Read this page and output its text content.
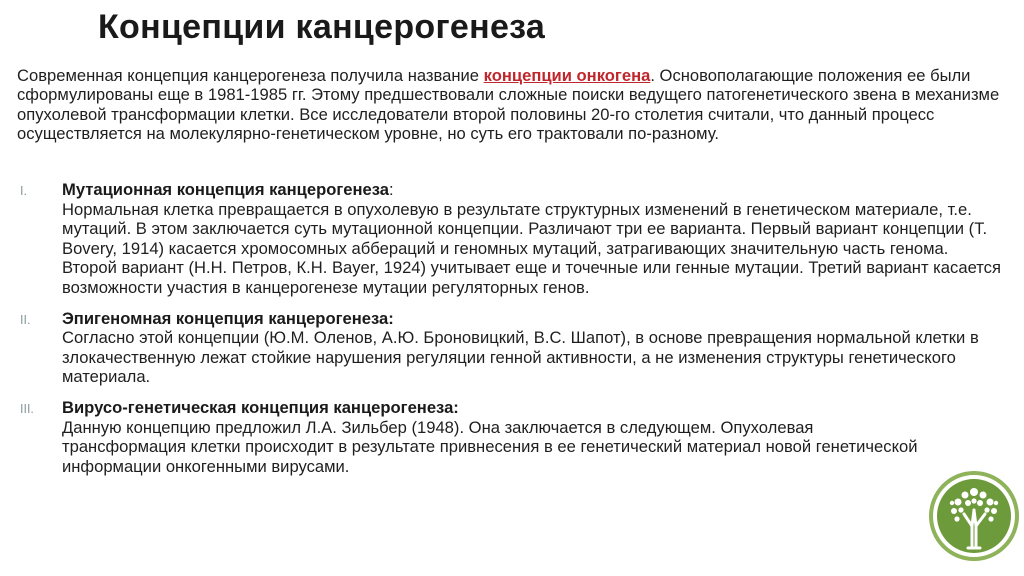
Концепции канцерогенеза
Современная концепция канцерогенеза получила название концепции онкогена. Основополагающие положения ее были сформулированы еще в 1981-1985 гг. Этому предшествовали сложные поиски ведущего патогенетического звена в механизме опухолевой трансформации клетки. Все исследователи второй половины 20-го столетия считали, что данный процесс осуществляется на молекулярно-генетическом уровне, но суть его трактовали по-разному.
I. Мутационная концепция канцерогенеза:
Нормальная клетка превращается в опухолевую в результате структурных изменений в генетическом материале, т.е. мутаций. В этом заключается суть мутационной концепции. Различают три ее варианта. Первый вариант концепции (Т. Bovery, 1914) касается хромосомных аббераций и геномных мутаций, затрагивающих значительную часть генома. Второй вариант (Н.Н. Петров, К.Н. Bayer, 1924) учитывает еще и точечные или генные мутации. Третий вариант касается возможности участия в канцерогенезе мутации регуляторных генов.
II. Эпигеномная концепция канцерогенеза:
Согласно этой концепции (Ю.М. Оленов, А.Ю. Броновицкий, В.С. Шапот), в основе превращения нормальной клетки в злокачественную лежат стойкие нарушения регуляции генной активности, а не изменения структуры генетического материала.
III. Вирусо-генетическая концепция канцерогенеза:
Данную концепцию предложил Л.А. Зильбер (1948). Она заключается в следующем. Опухолевая трансформация клетки происходит в результате привнесения в ее генетический материал новой генетической информации онкогенными вирусами.
